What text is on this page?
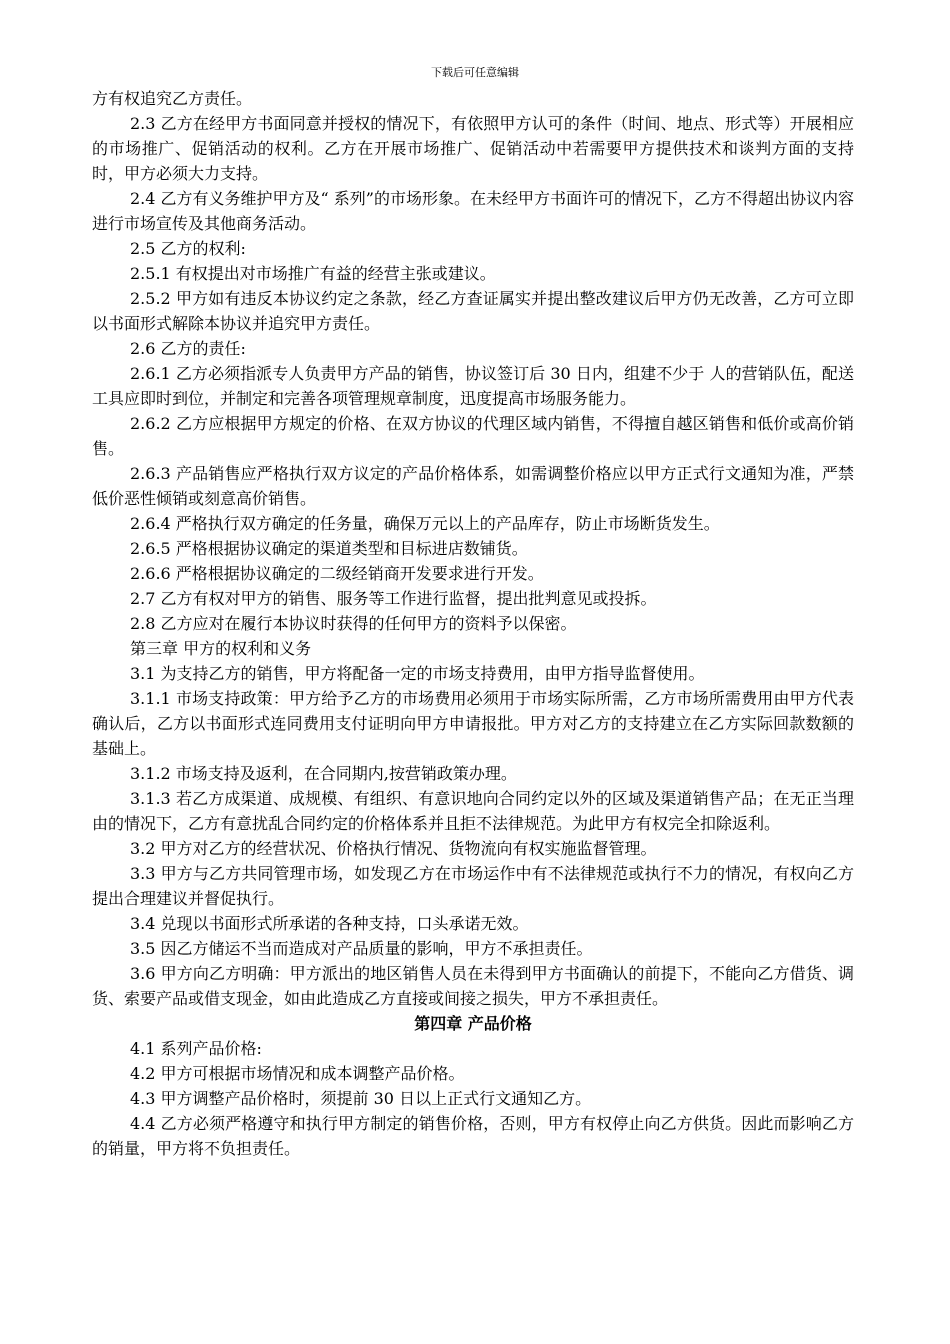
下载后可任意编辑

方有权追究乙方责任。

2.3 乙方在经甲方书面同意并授权的情况下，有依照甲方认可的条件（时间、地点、形式等）开展相应的市场推广、促销活动的权利。乙方在开展市场推广、促销活动中若需要甲方提供技术和谈判方面的支持时，甲方必须大力支持。

2.4 乙方有义务维护甲方及“ 系列”的市场形象。在未经甲方书面许可的情况下，乙方不得超出协议内容进行市场宣传及其他商务活动。

2.5 乙方的权利:

2.5.1 有权提出对市场推广有益的经营主张或建议。

2.5.2 甲方如有违反本协议约定之条款，经乙方查证属实并提出整改建议后甲方仍无改善，乙方可立即以书面形式解除本协议并追究甲方责任。

2.6 乙方的责任:

2.6.1 乙方必须指派专人负责甲方产品的销售，协议签订后 30 日内，组建不少于 人的营销队伍，配送工具应即时到位，并制定和完善各项管理规章制度，迅度提高市场服务能力。

2.6.2 乙方应根据甲方规定的价格、在双方协议的代理区域内销售，不得擅自越区销售和低价或高价销售。

2.6.3 产品销售应严格执行双方议定的产品价格体系，如需调整价格应以甲方正式行文通知为准，严禁低价恶性倾销或刻意高价销售。

2.6.4 严格执行双方确定的任务量，确保万元以上的产品库存，防止市场断货发生。

2.6.5 严格根据协议确定的渠道类型和目标进店数铺货。

2.6.6 严格根据协议确定的二级经销商开发要求进行开发。

2.7 乙方有权对甲方的销售、服务等工作进行监督，提出批判意见或投拆。

2.8 乙方应对在履行本协议时获得的任何甲方的资料予以保密。

第三章 甲方的权利和义务

3.1 为支持乙方的销售，甲方将配备一定的市场支持费用，由甲方指导监督使用。

3.1.1 市场支持政策：甲方给予乙方的市场费用必须用于市场实际所需，乙方市场所需费用由甲方代表确认后，乙方以书面形式连同费用支付证明向甲方申请报批。甲方对乙方的支持建立在乙方实际回款数额的基础上。

3.1.2 市场支持及返利，在合同期内,按营销政策办理。

3.1.3 若乙方成渠道、成规模、有组织、有意识地向合同约定以外的区域及渠道销售产品；在无正当理由的情况下，乙方有意扰乱合同约定的价格体系并且拒不法律规范。为此甲方有权完全扣除返利。

3.2 甲方对乙方的经营状况、价格执行情况、货物流向有权实施监督管理。

3.3 甲方与乙方共同管理市场，如发现乙方在市场运作中有不法律规范或执行不力的情况，有权向乙方提出合理建议并督促执行。

3.4 兑现以书面形式所承诺的各种支持，口头承诺无效。

3.5 因乙方储运不当而造成对产品质量的影响，甲方不承担责任。

3.6 甲方向乙方明确：甲方派出的地区销售人员在未得到甲方书面确认的前提下，不能向乙方借货、调货、索要产品或借支现金，如由此造成乙方直接或间接之损失，甲方不承担责任。

第四章 产品价格

4.1 系列产品价格:

4.2 甲方可根据市场情况和成本调整产品价格。

4.3 甲方调整产品价格时，须提前 30 日以上正式行文通知乙方。

4.4 乙方必须严格遵守和执行甲方制定的销售价格，否则，甲方有权停止向乙方供货。因此而影响乙方的销量，甲方将不负担责任。
